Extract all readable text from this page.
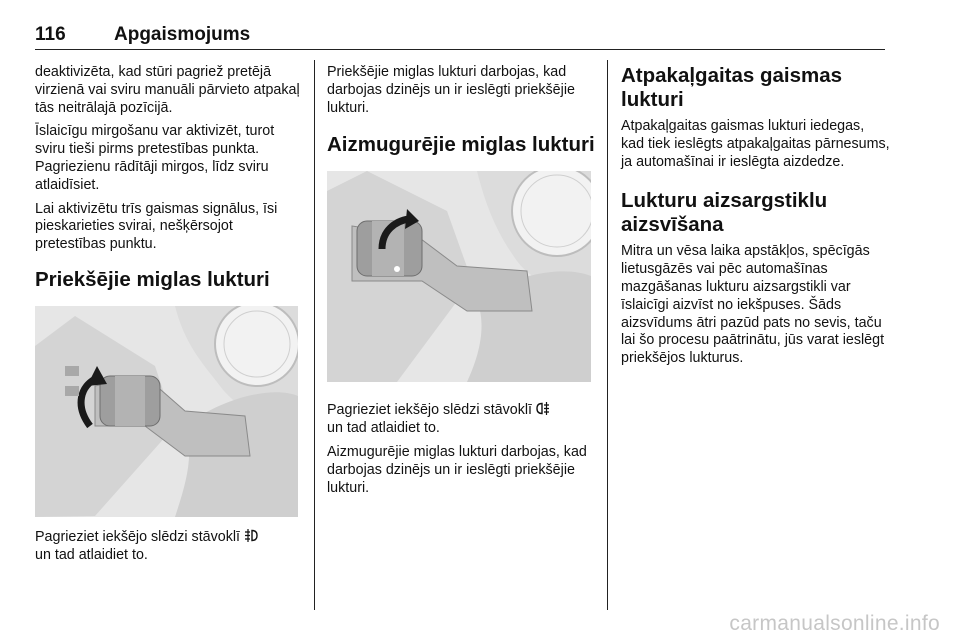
116	Apgaismojums

deaktivizēta, kad stūri pagriež pretējā virzienā vai sviru manuāli pārvieto atpakaļ tās neitrālajā pozīcijā.

Īslaicīgu mirgošanu var aktivizēt, turot sviru tieši pirms pretestības punkta. Pagriezienu rādītāji mirgos, līdz sviru atlaidīsiet.

Lai aktivizētu trīs gaismas signālus, īsi pieskarieties svirai, nešķērsojot pretestības punktu.

Priekšējie miglas lukturi

Pagrieziet iekšējo slēdzi stāvoklī
un tad atlaidiet to.

Priekšējie miglas lukturi darbojas, kad darbojas dzinējs un ir ieslēgti priekšējie lukturi.

Aizmugurējie miglas lukturi

Pagrieziet iekšējo slēdzi stāvoklī
un tad atlaidiet to.

Aizmugurējie miglas lukturi darbojas, kad darbojas dzinējs un ir ieslēgti priekšējie lukturi.

Atpakaļgaitas gaismas lukturi

Atpakaļgaitas gaismas lukturi iedegas, kad tiek ieslēgts atpakaļgaitas pārnesums, ja automašīnai ir ieslēgta aizdedze.

Lukturu aizsargstiklu aizsvīšana

Mitra un vēsa laika apstākļos, spēcīgās lietusgāzēs vai pēc automašīnas mazgāšanas lukturu aizsargstikli var īslaicīgi aizvīst no iekšpuses. Šāds aizsvīdums ātri pazūd pats no sevis, taču lai šo procesu paātrinātu, jūs varat ieslēgt priekšējos lukturus.

carmanualsonline.info
